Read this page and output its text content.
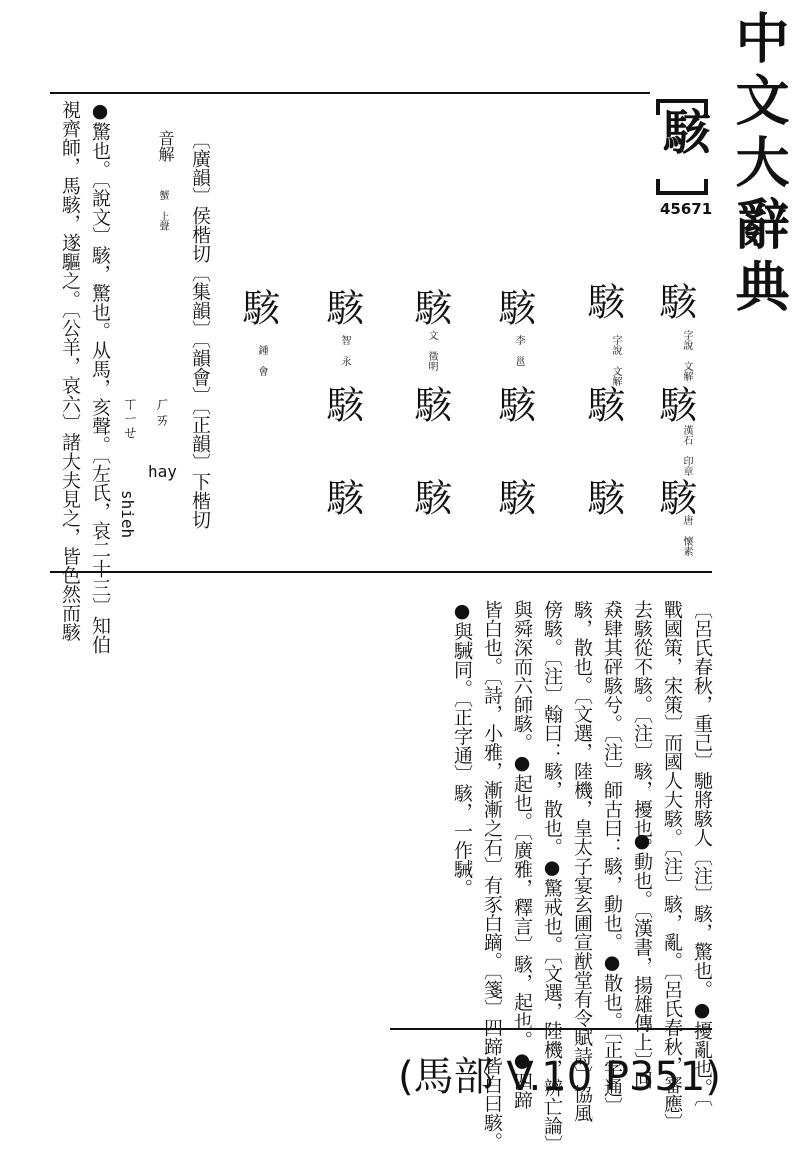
中文大辭典
駭
45671
駭
字說 文解
駭
字說 文解
駭
漢石 印章
駭
唐 懷素
駭
駭
駭
李 邕
駭
駭
駭
文 徵明
駭
駭
駭
智 永
駭
駭
駭
鍾 會
〔廣韻〕侯楷切〔集韻〕〔韻會〕〔正韻〕下楷切
音解
蟹 上聲
ㄏㄞ
hay
ㄒㄧㄝ
shieh
●驚也。〔說文〕駭，驚也。从馬，亥聲。〔左氏，哀二十三〕知伯
視齊師，馬駭，遂驅之。〔公羊，哀六〕諸大夫見之，皆色然而駭
〔呂氏春秋，重己〕馳將駭人〔注〕駭，驚也。●擾亂也。〔
戰國策，宋策〕而國人大駭。〔注〕駭，亂。〔呂氏春秋，審應〕
去駭從不駭。〔注〕駭，擾也。
●動也。〔漢書，揚雄傳上〕回
猋肆其砰駭兮。〔注〕師古曰：駭，動也。●散也。〔正字通〕
駭，散也。〔文選，陸機，皇太子宴玄圃宣猷堂有令賦詩〕協風
傍駭。〔注〕翰曰：駭，散也。●驚戒也。〔文選，陸機，辨亡論〕
與舜深而六師駭。●起也。〔廣雅，釋言〕駭，起也。●四蹄
皆白也。〔詩，小雅，漸漸之石〕有豕白蹢。〔箋〕四蹄皆白曰駭。
●與駴同。〔正字通〕駭，一作駴。
(馬部 V.10 P351)
